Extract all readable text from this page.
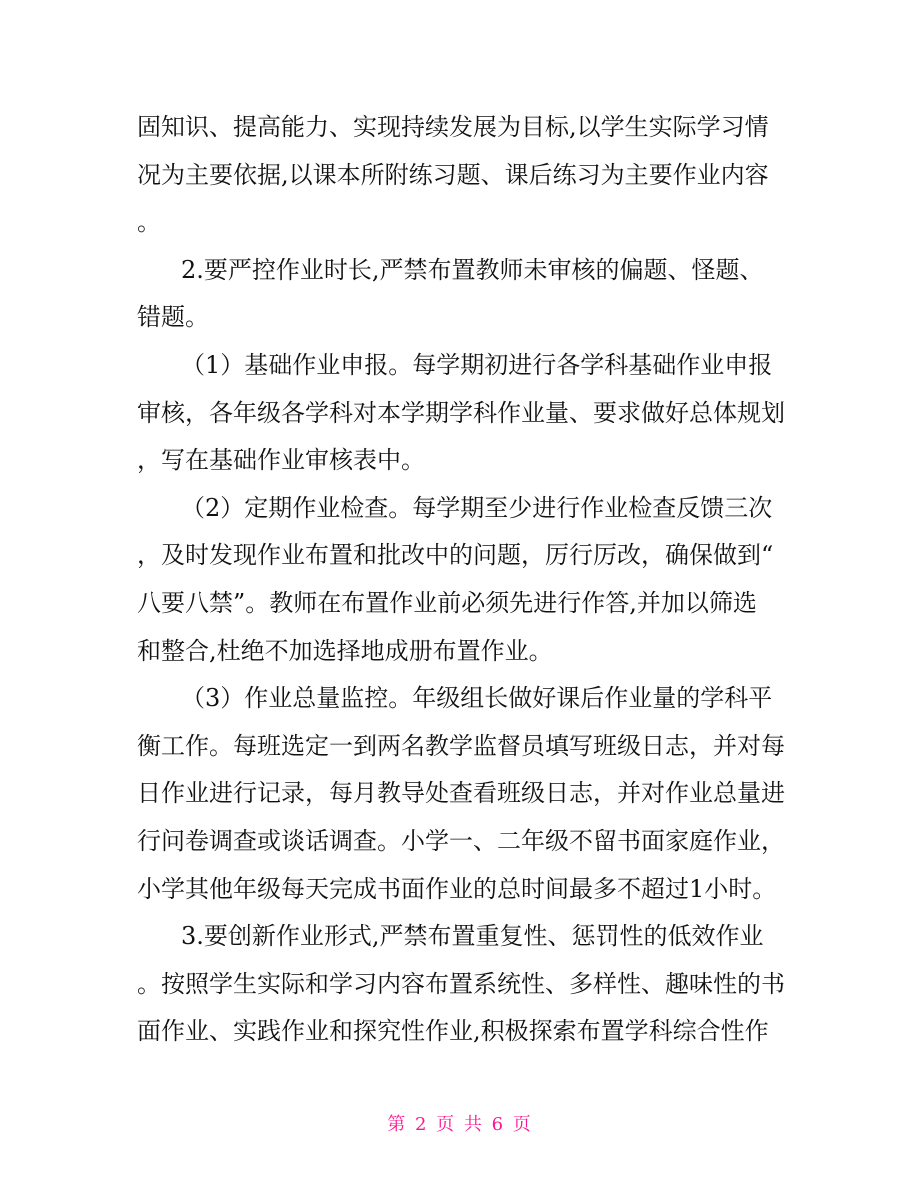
固知识、提高能力、实现持续发展为目标,以学生实际学习情
况为主要依据,以课本所附练习题、课后练习为主要作业内容
。
2.要严控作业时长,严禁布置教师未审核的偏题、怪题、
错题。
（1）基础作业申报。每学期初进行各学科基础作业申报
审核，各年级各学科对本学期学科作业量、要求做好总体规划
，写在基础作业审核表中。
（2）定期作业检查。每学期至少进行作业检查反馈三次
，及时发现作业布置和批改中的问题，厉行厉改，确保做到“
八要八禁”。教师在布置作业前必须先进行作答,并加以筛选
和整合,杜绝不加选择地成册布置作业。
（3）作业总量监控。年级组长做好课后作业量的学科平
衡工作。每班选定一到两名教学监督员填写班级日志，并对每
日作业进行记录，每月教导处查看班级日志，并对作业总量进
行问卷调查或谈话调查。小学一、二年级不留书面家庭作业，
小学其他年级每天完成书面作业的总时间最多不超过1小时。
3.要创新作业形式,严禁布置重复性、惩罚性的低效作业
。按照学生实际和学习内容布置系统性、多样性、趣味性的书
面作业、实践作业和探究性作业,积极探索布置学科综合性作
第 2 页 共 6 页
